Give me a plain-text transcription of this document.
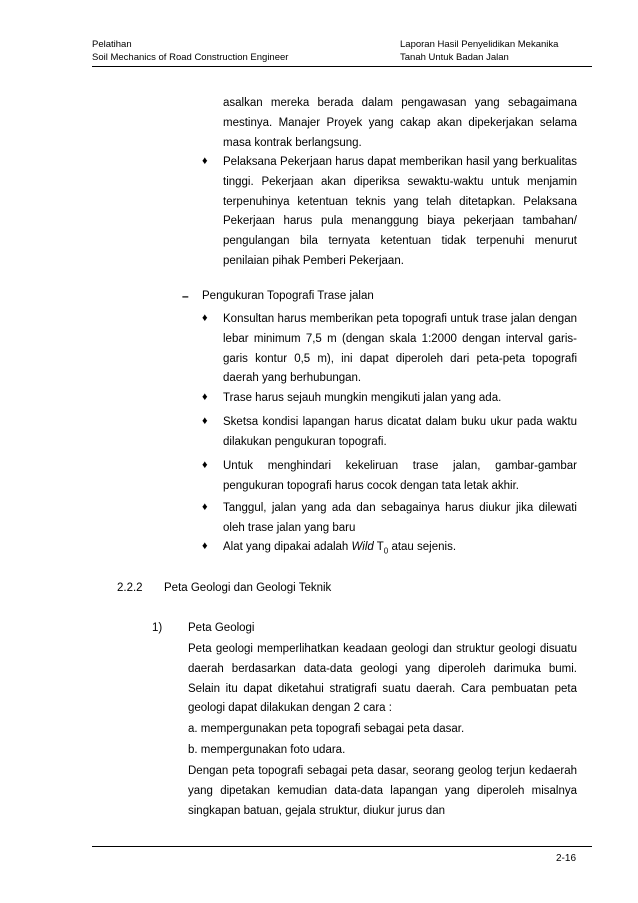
Pelatihan
Soil Mechanics of Road Construction Engineer
Laporan Hasil Penyelidikan Mekanika
Tanah Untuk Badan Jalan
asalkan mereka berada dalam pengawasan yang sebagaimana mestinya. Manajer Proyek yang cakap akan dipekerjakan selama masa kontrak berlangsung.
♦ Pelaksana Pekerjaan harus dapat memberikan hasil yang berkualitas tinggi. Pekerjaan akan diperiksa sewaktu-waktu untuk menjamin terpenuhinya ketentuan teknis yang telah ditetapkan. Pelaksana Pekerjaan harus pula menanggung biaya pekerjaan tambahan/ pengulangan bila ternyata ketentuan tidak terpenuhi menurut penilaian pihak Pemberi Pekerjaan.
– Pengukuran Topografi Trase jalan
♦ Konsultan harus memberikan peta topografi untuk trase jalan dengan lebar minimum 7,5 m (dengan skala 1:2000 dengan interval garis-garis kontur 0,5 m), ini dapat diperoleh dari peta-peta topografi daerah yang berhubungan.
♦ Trase harus sejauh mungkin mengikuti jalan yang ada.
♦ Sketsa kondisi lapangan harus dicatat dalam buku ukur pada waktu dilakukan pengukuran topografi.
♦ Untuk menghindari kekeliruan trase jalan, gambar-gambar pengukuran topografi harus cocok dengan tata letak akhir.
♦ Tanggul, jalan yang ada dan sebagainya harus diukur jika dilewati oleh trase jalan yang baru
♦ Alat yang dipakai adalah Wild $T_0$ atau sejenis.
2.2.2 Peta Geologi dan Geologi Teknik
1) Peta Geologi
Peta geologi memperlihatkan keadaan geologi dan struktur geologi disuatu daerah berdasarkan data-data geologi yang diperoleh darimuka bumi. Selain itu dapat diketahui stratigrafi suatu daerah. Cara pembuatan peta geologi dapat dilakukan dengan 2 cara :
a. mempergunakan peta topografi sebagai peta dasar.
b. mempergunakan foto udara.
Dengan peta topografi sebagai peta dasar, seorang geolog terjun kedaerah yang dipetakan kemudian data-data lapangan yang diperoleh misalnya singkapan batuan, gejala struktur, diukur jurus dan
2-16
